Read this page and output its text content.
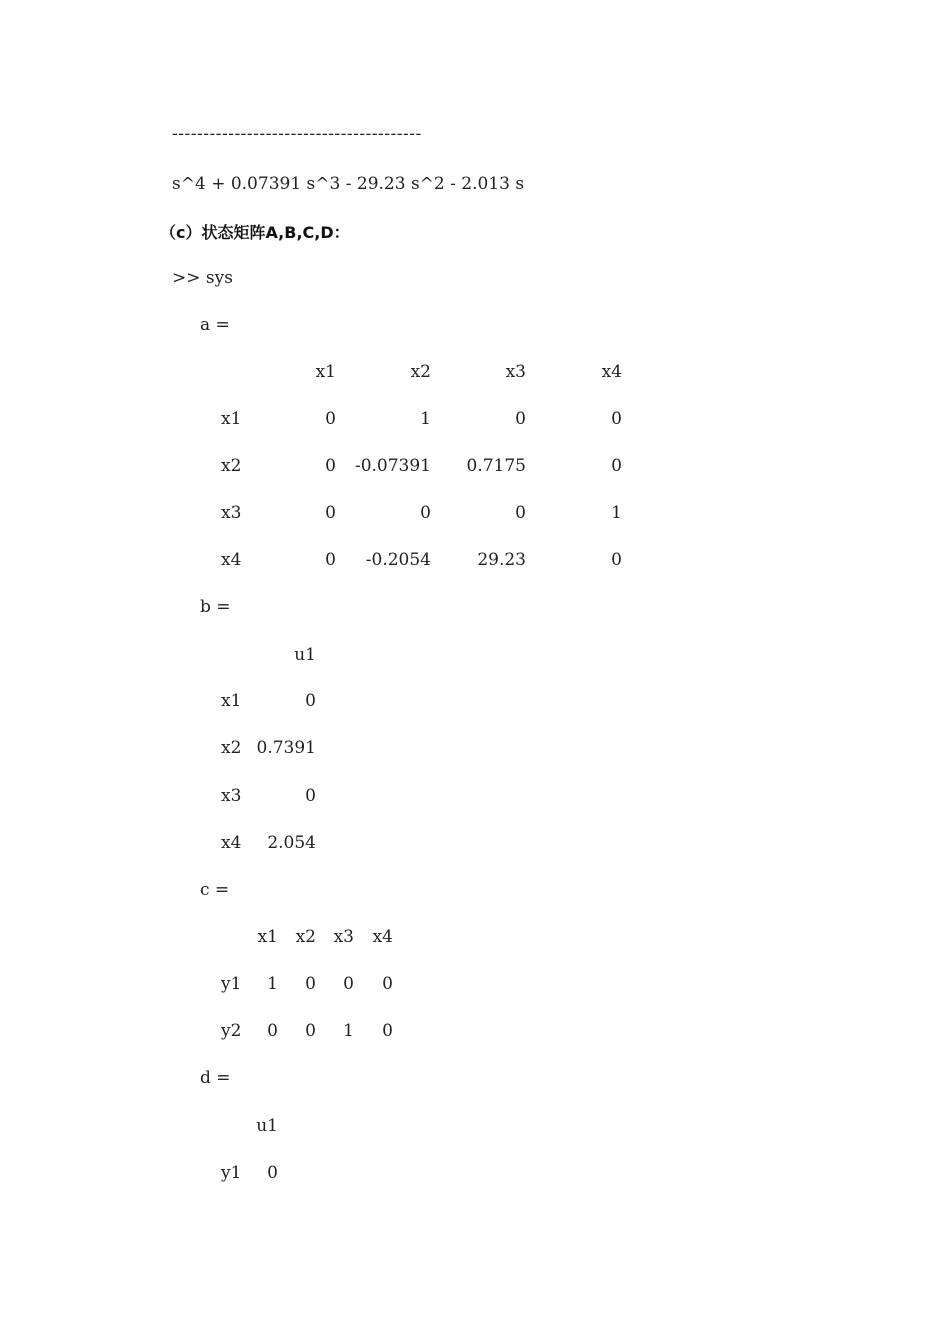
----------------------------------------
s^4 + 0.07391 s^3 - 29.23 s^2 - 2.013 s
（c）状态矩阵A,B,C,D：
>> sys
a =
x1	x2	x3	x4
x1	0	1	0	0
x2	0 -0.07391 0.7175	0
x3	0	0	0	1
x4	0 -0.2054	29.23	0
b =
u1
x1	0
x2 0.7391
x3	0
x4 2.054
c =
x1 x2 x3 x4
y1 1 0 0 0
y2 0 0 1 0
d =
u1
y1 0
